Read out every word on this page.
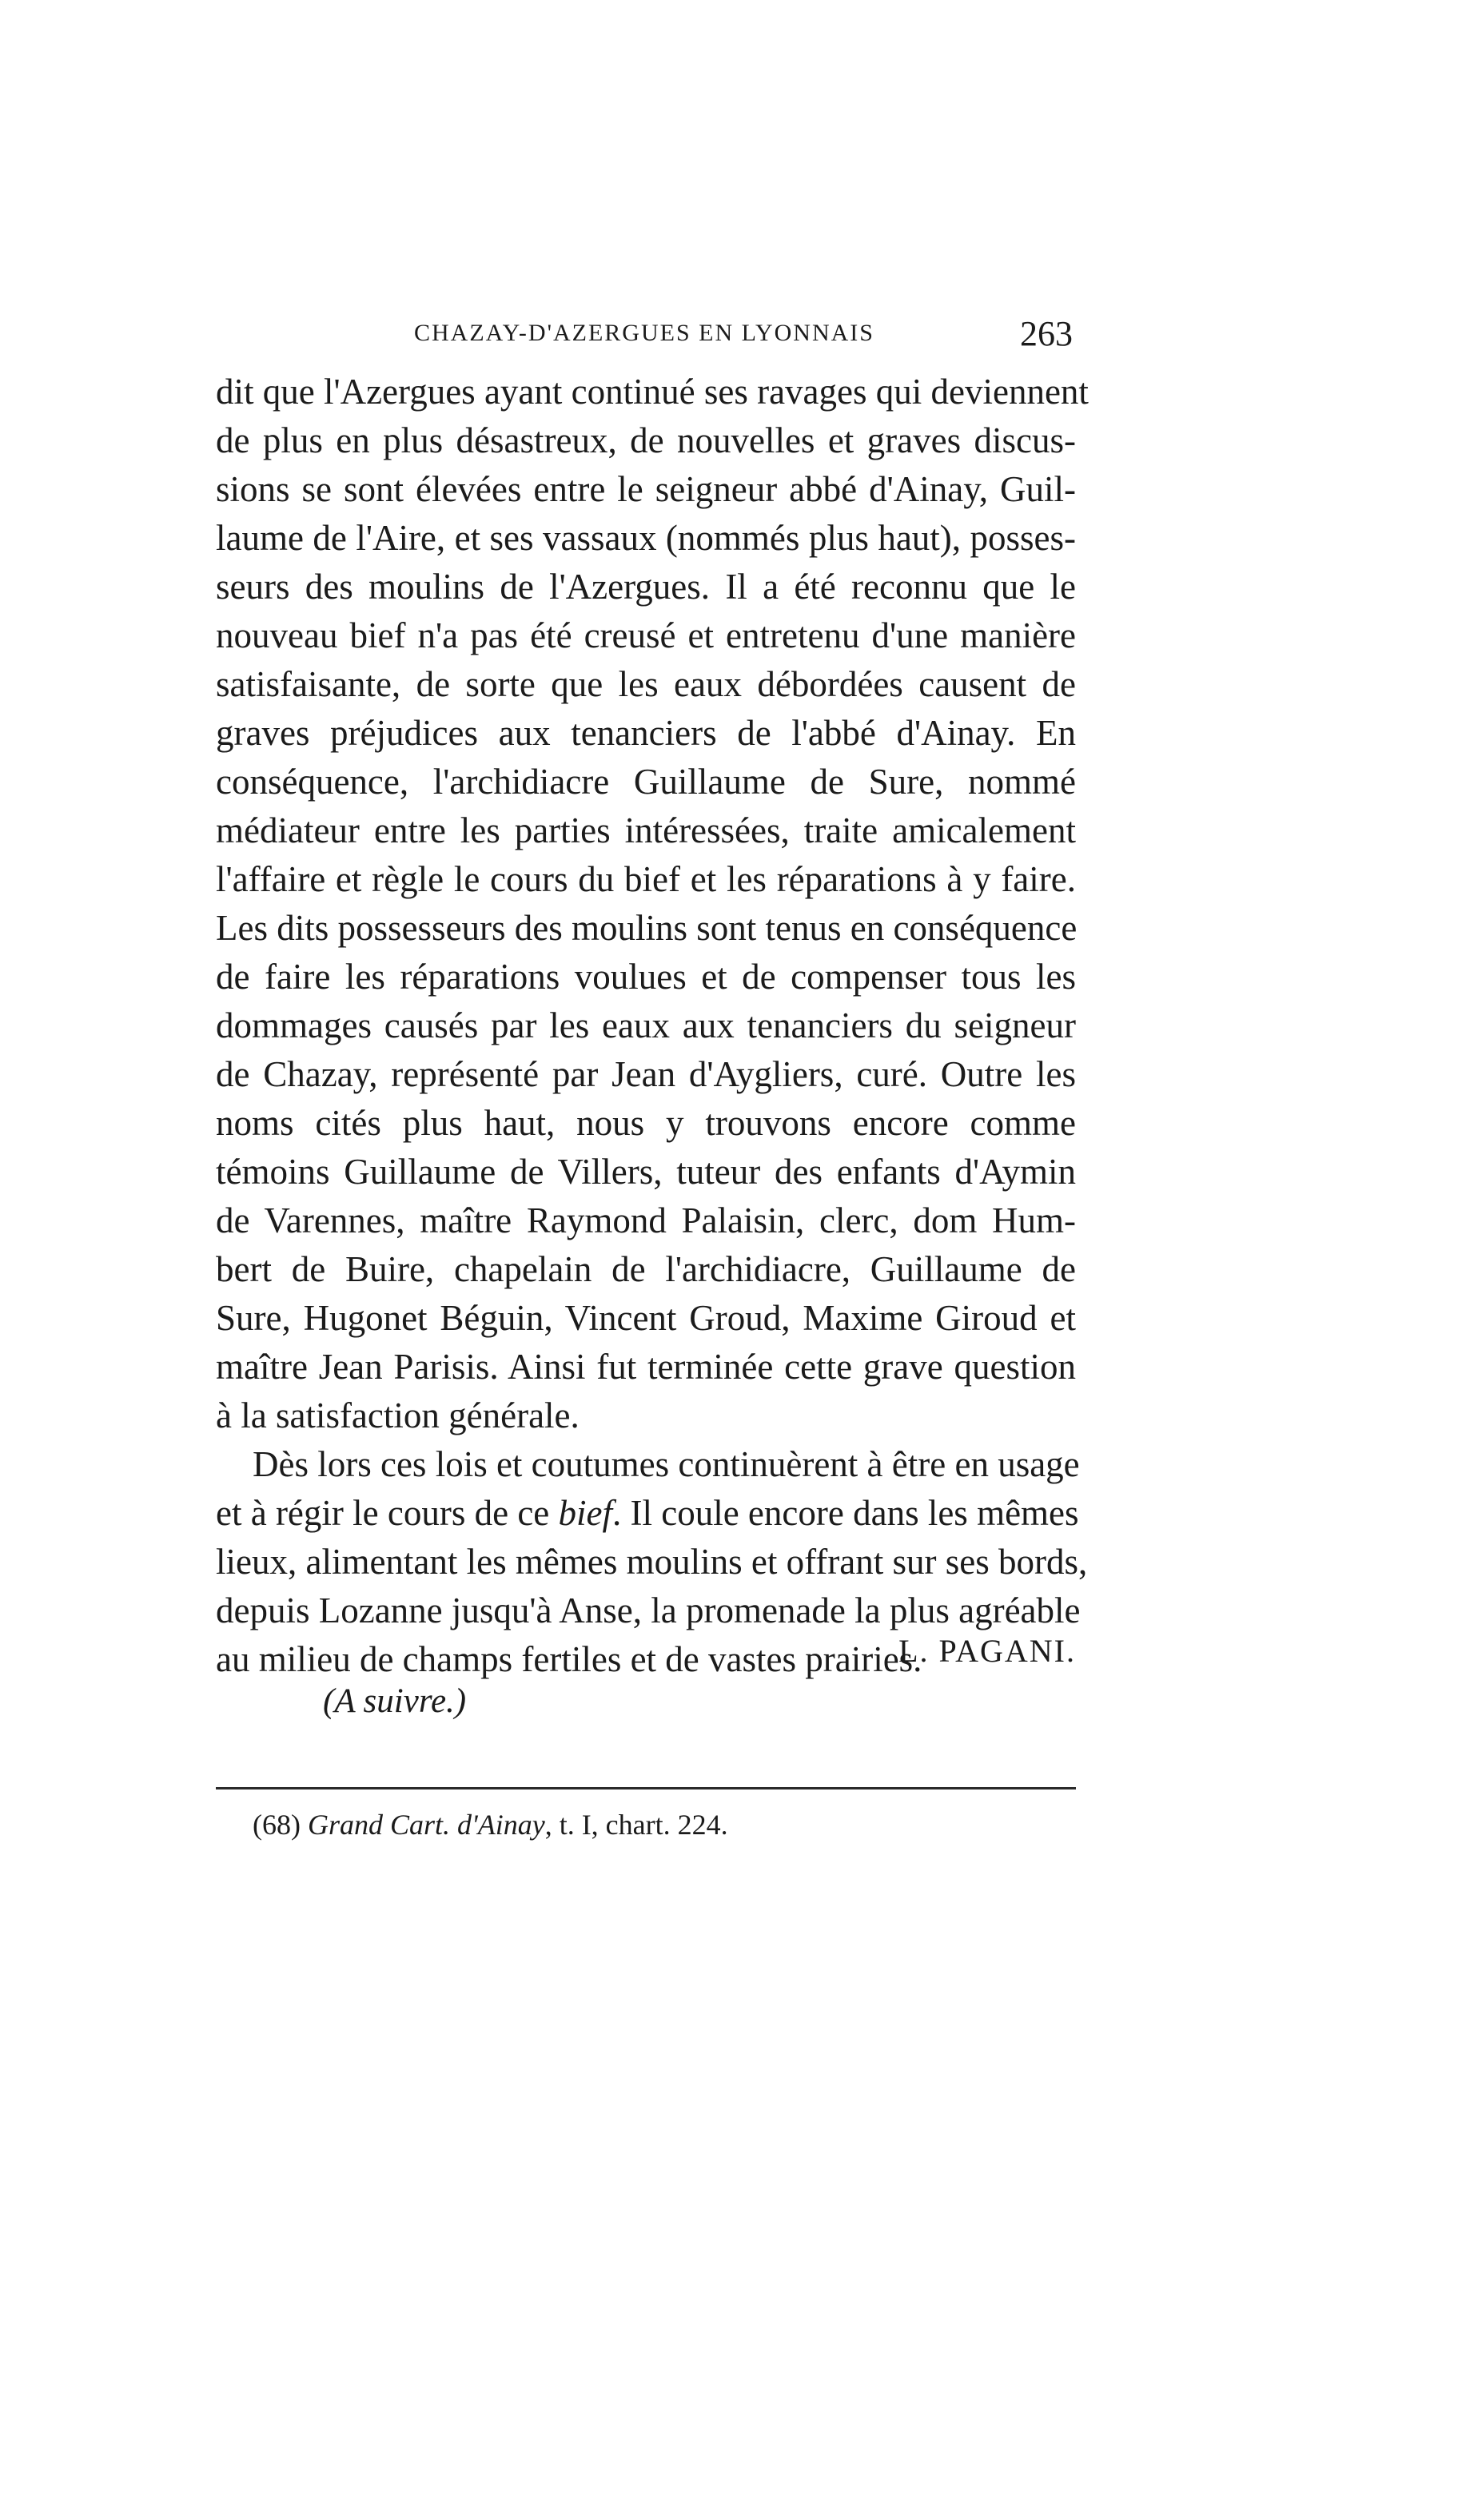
CHAZAY-D'AZERGUES EN LYONNAIS	263
dit que l'Azergues ayant continué ses ravages qui deviennent
de plus en plus désastreux, de nouvelles et graves discus-
sions se sont élevées entre le seigneur abbé d'Ainay, Guil-
laume de l'Aire, et ses vassaux (nommés plus haut), posses-
seurs des moulins de l'Azergues. Il a été reconnu que le
nouveau bief n'a pas été creusé et entretenu d'une manière
satisfaisante, de sorte que les eaux débordées causent de
graves préjudices aux tenanciers de l'abbé d'Ainay. En
conséquence, l'archidiacre Guillaume de Sure, nommé
médiateur entre les parties intéressées, traite amicalement
l'affaire et règle le cours du bief et les réparations à y faire.
Les dits possesseurs des moulins sont tenus en conséquence
de faire les réparations voulues et de compenser tous les
dommages causés par les eaux aux tenanciers du seigneur
de Chazay, représenté par Jean d'Aygliers, curé. Outre les
noms cités plus haut, nous y trouvons encore comme
témoins Guillaume de Villers, tuteur des enfants d'Aymin
de Varennes, maître Raymond Palaisin, clerc, dom Hum-
bert de Buire, chapelain de l'archidiacre, Guillaume de
Sure, Hugonet Béguin, Vincent Groud, Maxime Giroud et
maître Jean Parisis. Ainsi fut terminée cette grave question
à la satisfaction générale.
Dès lors ces lois et coutumes continuèrent à être en usage
et à régir le cours de ce bief. Il coule encore dans les mêmes
lieux, alimentant les mêmes moulins et offrant sur ses bords,
depuis Lozanne jusqu'à Anse, la promenade la plus agréable
au milieu de champs fertiles et de vastes prairies.
L. PAGANI.
(A suivre.)
(68) Grand Cart. d'Ainay, t. I, chart. 224.
